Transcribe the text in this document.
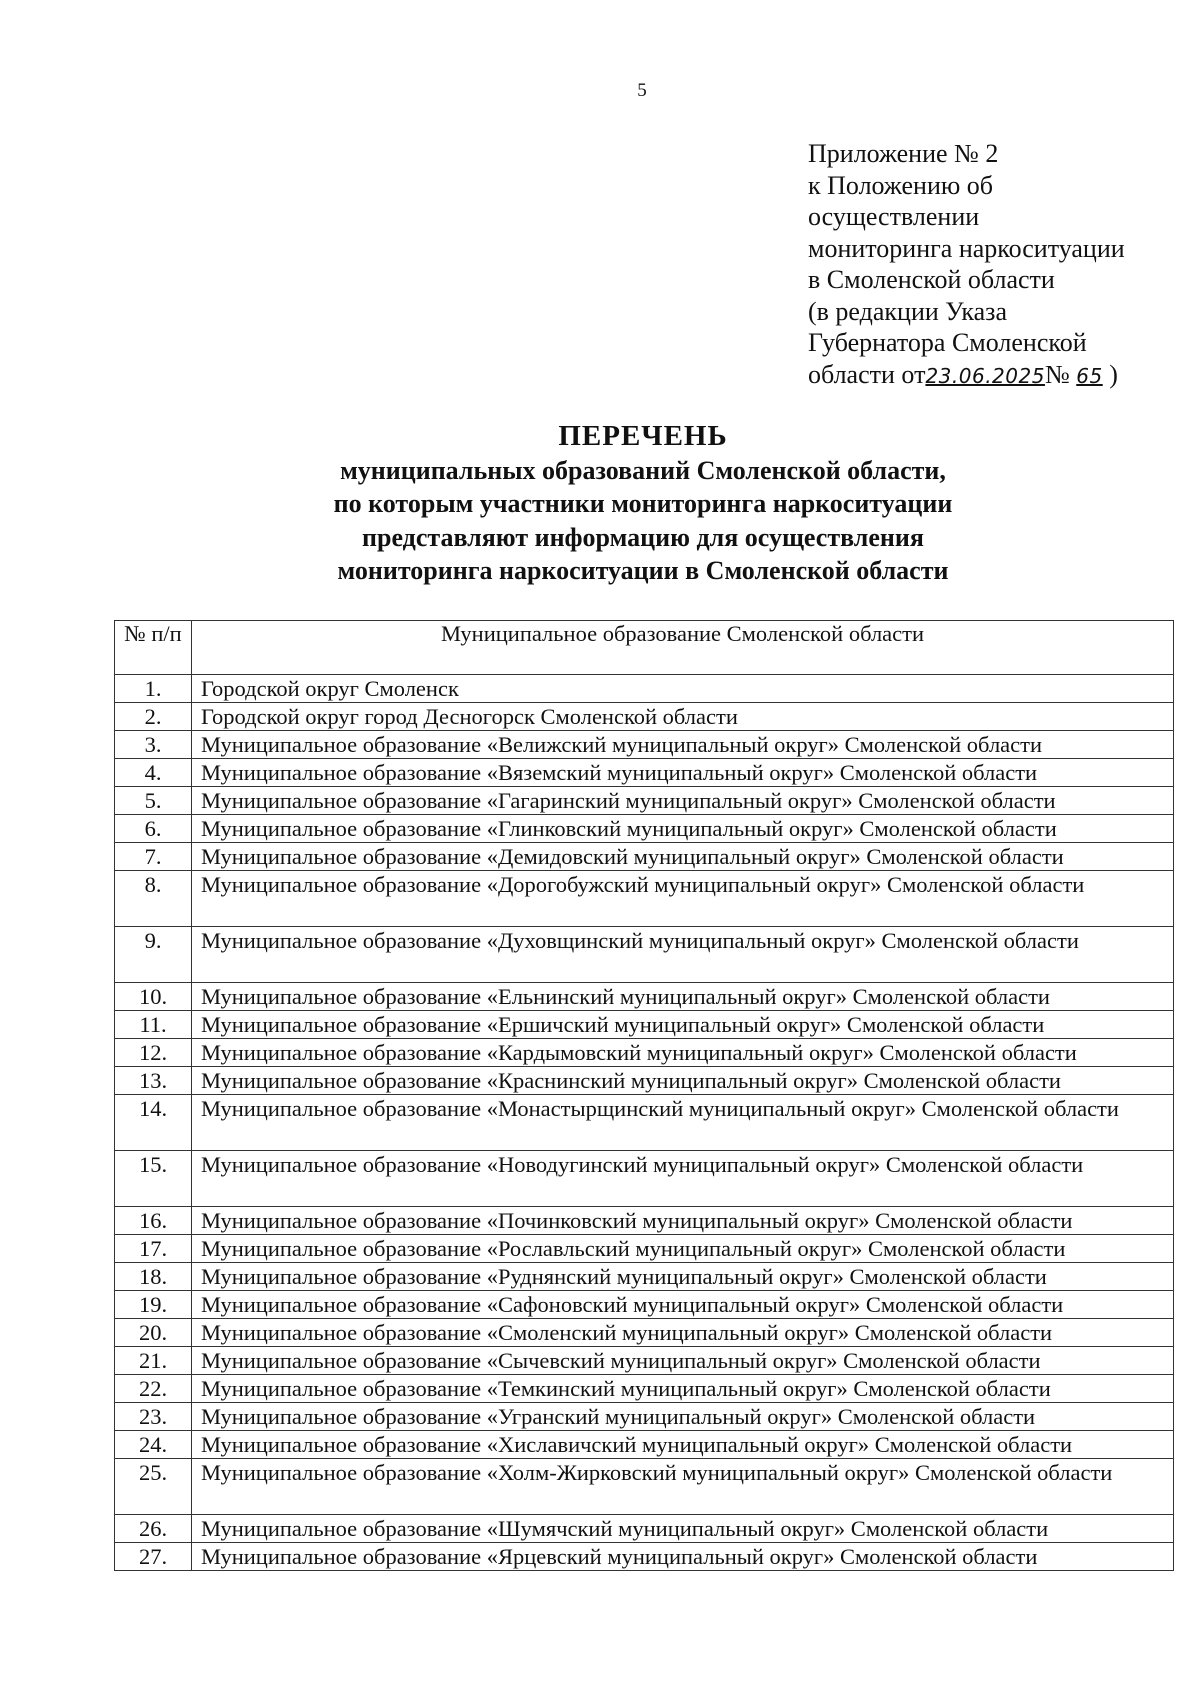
5
Приложение № 2
к Положению об
осуществлении
мониторинга наркоситуации
в Смоленской области
(в редакции Указа
Губернатора Смоленской
области от23.06.2025№ 65 )
ПЕРЕЧЕНЬ
муниципальных образований Смоленской области,
по которым участники мониторинга наркоситуации
представляют информацию для осуществления
мониторинга наркоситуации в Смоленской области
№ п/п	Муниципальное образование Смоленской области
1.	Городской округ Смоленск
2.	Городской округ город Десногорск Смоленской области
3.	Муниципальное образование «Велижский муниципальный округ» Смоленской области
4.	Муниципальное образование «Вяземский муниципальный округ» Смоленской области
5.	Муниципальное образование «Гагаринский муниципальный округ» Смоленской области
6.	Муниципальное образование «Глинковский муниципальный округ» Смоленской области
7.	Муниципальное образование «Демидовский муниципальный округ» Смоленской области
8.	Муниципальное образование «Дорогобужский муниципальный округ» Смоленской области
9.	Муниципальное образование «Духовщинский муниципальный округ» Смоленской области
10.	Муниципальное образование «Ельнинский муниципальный округ» Смоленской области
11.	Муниципальное образование «Ершичский муниципальный округ» Смоленской области
12.	Муниципальное образование «Кардымовский муниципальный округ» Смоленской области
13.	Муниципальное образование «Краснинский муниципальный округ» Смоленской области
14.	Муниципальное образование «Монастырщинский муниципальный округ» Смоленской области
15.	Муниципальное образование «Новодугинский муниципальный округ» Смоленской области
16.	Муниципальное образование «Починковский муниципальный округ» Смоленской области
17.	Муниципальное образование «Рославльский муниципальный округ» Смоленской области
18.	Муниципальное образование «Руднянский муниципальный округ» Смоленской области
19.	Муниципальное образование «Сафоновский муниципальный округ» Смоленской области
20.	Муниципальное образование «Смоленский муниципальный округ» Смоленской области
21.	Муниципальное образование «Сычевский муниципальный округ» Смоленской области
22.	Муниципальное образование «Темкинский муниципальный округ» Смоленской области
23.	Муниципальное образование «Угранский муниципальный округ» Смоленской области
24.	Муниципальное образование «Хиславичский муниципальный округ» Смоленской области
25.	Муниципальное образование «Холм-Жирковский муниципальный округ» Смоленской области
26.	Муниципальное образование «Шумячский муниципальный округ» Смоленской области
27.	Муниципальное образование «Ярцевский муниципальный округ» Смоленской области
